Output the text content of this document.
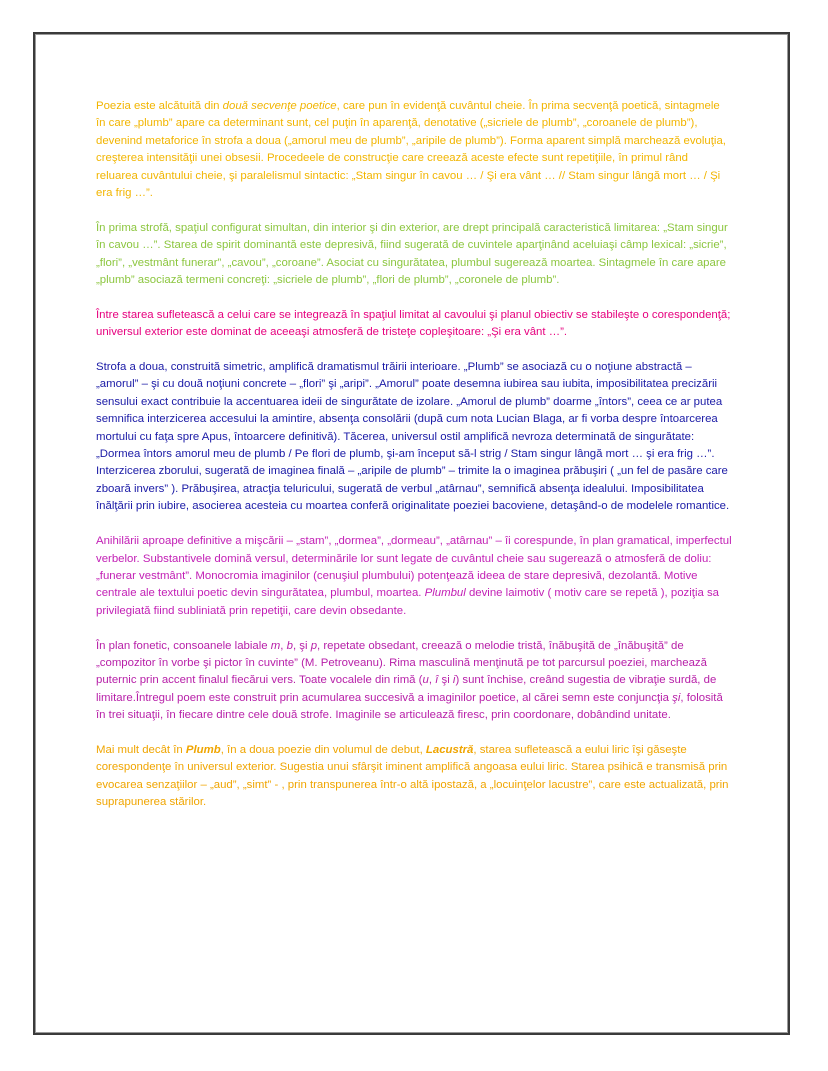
Poezia este alcătuită din două secvenţe poetice, care pun în evidenţă cuvântul cheie. În prima secvenţă poetică, sintagmele în care „plumb” apare ca determinant sunt, cel puţin în aparenţă, denotative („sicriele de plumb”, „coroanele de plumb”), devenind metaforice în strofa a doua („amorul meu de plumb”, „aripile de plumb”). Forma aparent simplă marchează evoluţia, creşterea intensităţii unei obsesii. Procedeele de construcţie care creează aceste efecte sunt repetiţiile, în primul rând reluarea cuvântului cheie, şi paralelismul sintactic: „Stam singur în cavou … / Şi era vânt … // Stam singur lângă mort … / Şi era frig …”.

În prima strofă, spaţiul configurat simultan, din interior şi din exterior, are drept principală caracteristică limitarea: „Stam singur în cavou …”. Starea de spirit dominantă este depresivă, fiind sugerată de cuvintele aparţinând aceluiaşi câmp lexical: „sicrie”, „flori”, „vestmânt funerar”, „cavou”, „coroane”. Asociat cu singurătatea, plumbul sugerează moartea. Sintagmele în care apare „plumb” asociază termeni concreţi: „sicriele de plumb”, „flori de plumb”, „coronele de plumb”.

Între starea sufletească a celui care se integrează în spaţiul limitat al cavoului şi planul obiectiv se stabileşte o corespondenţă; universul exterior este dominat de aceeaşi atmosferă de tristeţe copleşitoare: „Şi era vânt …”.

Strofa a doua, construită simetric, amplifică dramatismul trăirii interioare. „Plumb” se asociază cu o noţiune abstractă – „amorul” – şi cu două noţiuni concrete – „flori” şi „aripi”. „Amorul” poate desemna iubirea sau iubita, imposibilitatea precizării sensului exact contribuie la accentuarea ideii de singurătate de izolare. „Amorul de plumb” doarme „întors”, ceea ce ar putea semnifica interzicerea accesului la amintire, absenţa consolării (după cum nota Lucian Blaga, ar fi vorba despre întoarcerea mortului cu faţa spre Apus, întoarcere definitivă). Tăcerea, universul ostil amplifică nevroza determinată de singurătate: „Dormea întors amorul meu de plumb / Pe flori de plumb, şi-am început să-l strig / Stam singur lângă mort … şi era frig …”. Interzicerea zborului, sugerată de imaginea finală – „aripile de plumb” – trimite la o imaginea prăbuşiri ( „un fel de pasăre care zboară invers” ). Prăbuşirea, atracţia teluricului, sugerată de verbul „atârnau”, semnifică absenţa idealului. Imposibilitatea înălţării prin iubire, asocierea acesteia cu moartea conferă originalitate poeziei bacoviene, detaşând-o de modelele romantice.

Anihilării aproape definitive a mişcării – „stam”, „dormea”, „dormeau”, „atârnau” – îi corespunde, în plan gramatical, imperfectul verbelor. Substantivele domină versul, determinările lor sunt legate de cuvântul cheie sau sugerează o atmosferă de doliu: „funerar vestmânt”. Monocromia imaginilor (cenuşiul plumbului) potenţează ideea de stare depresivă, dezolantă. Motive centrale ale textului poetic devin singurătatea, plumbul, moartea. Plumbul devine laimotiv ( motiv care se repetă ), poziţia sa privilegiată fiind subliniată prin repetiţii, care devin obsedante.

În plan fonetic, consoanele labiale m, b, şi p, repetate obsedant, creează o melodie tristă, înăbuşită de „înăbuşită” de „compozitor în vorbe şi pictor în cuvinte” (M. Petroveanu). Rima masculină menţinută pe tot parcursul poeziei, marchează puternic prin accent finalul fiecărui vers. Toate vocalele din rimă (u, î şi i) sunt închise, creând sugestia de vibraţie surdă, de limitare.Întregul poem este construit prin acumularea succesivă a imaginilor poetice, al cărei semn este conjuncţia şi, folosită în trei situaţii, în fiecare dintre cele două strofe. Imaginile se articulează firesc, prin coordonare, dobândind unitate.

Mai mult decât în Plumb, în a doua poezie din volumul de debut, Lacustră, starea sufletească a eului liric îşi găseşte corespondenţe în universul exterior. Sugestia unui sfârşit iminent amplifică angoasa eului liric. Starea psihică e transmisă prin evocarea senzaţiilor – „aud”, „simt” - , prin transpunerea într-o altă ipostază, a „locuinţelor lacustre”, care este actualizată, prin suprapunerea stărilor.
